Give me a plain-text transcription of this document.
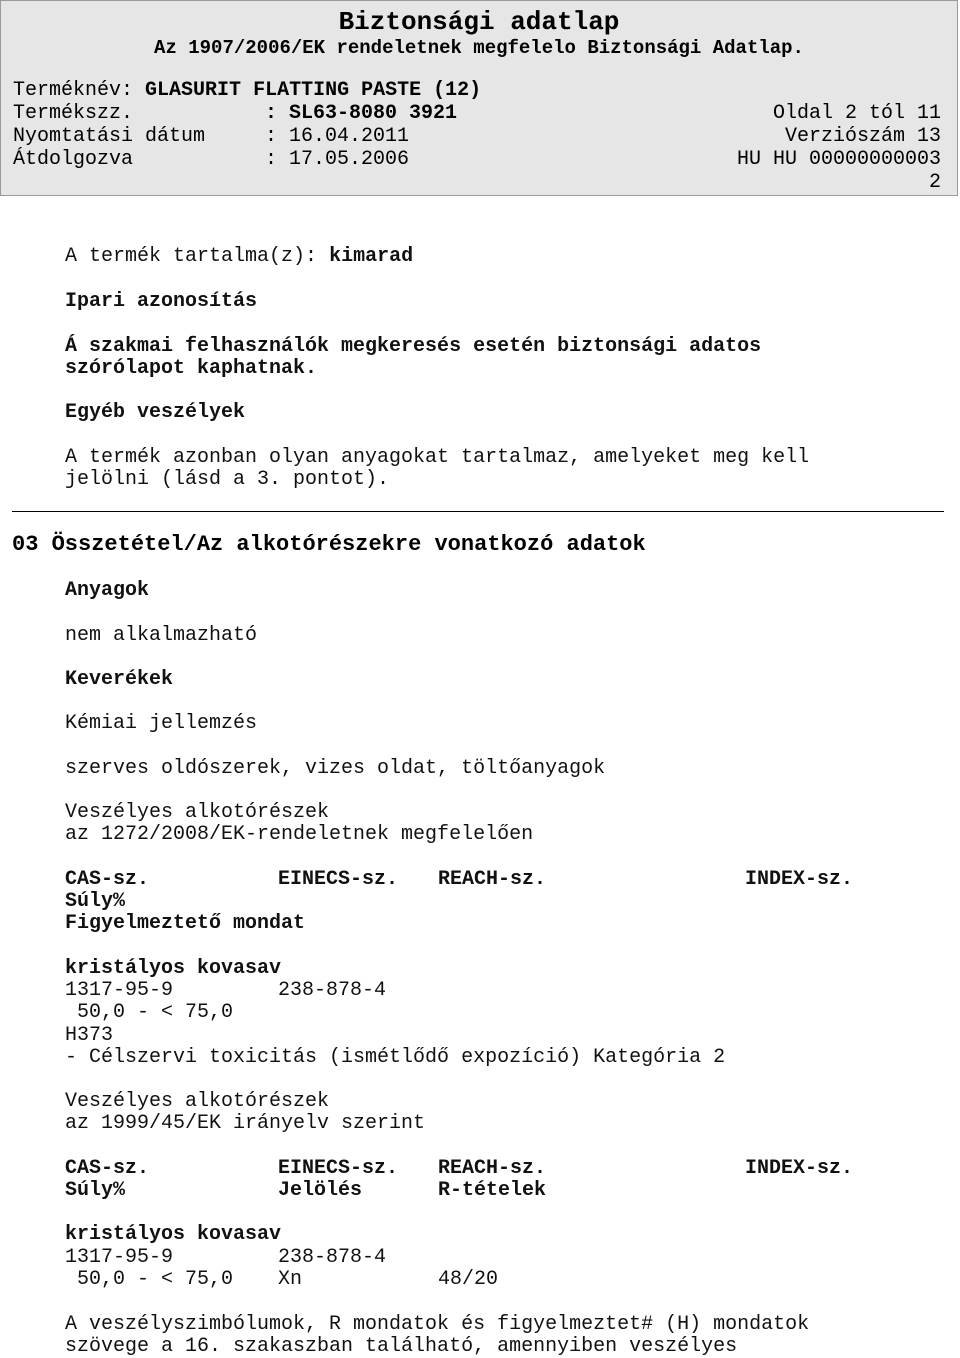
Biztonsági adatlap
Az 1907/2006/EK rendeletnek megfelelo Biztonsági Adatlap.
Terméknév: GLASURIT FLATTING PASTE (12)
Termékszz.	: SL63-8080 3921	Oldal 2 tól 11
Nyomtatási dátum	: 16.04.2011	Verziószám 13
Átdolgozva	: 17.05.2006	HU HU 00000000003
2
A termék tartalma(z): kimarad
Ipari azonosítás
Á szakmai felhasználók megkeresés esetén biztonsági adatos
szórólapot kaphatnak.
Egyéb veszélyek
A termék azonban olyan anyagokat tartalmaz, amelyeket meg kell
jelölni (lásd a 3. pontot).
03 Összetétel/Az alkotórészekre vonatkozó adatok
Anyagok
nem alkalmazható
Keverékek
Kémiai jellemzés
szerves oldószerek, vizes oldat, töltőanyagok
Veszélyes alkotórészek
az 1272/2008/EK-rendeletnek megfelelően
CAS-sz.	EINECS-sz. REACH-sz.	INDEX-sz.
Súly%
Figyelmeztető mondat
kristályos kovasav
1317-95-9	238-878-4
50,0 - < 75,0
H373
- Célszervi toxicitás (ismétlődő expozíció) Kategória 2
Veszélyes alkotórészek
az 1999/45/EK irányelv szerint
CAS-sz.	EINECS-sz. REACH-sz.	INDEX-sz.
Súly%	Jelölés	R-tételek
kristályos kovasav
1317-95-9	238-878-4
50,0 - < 75,0 Xn	48/20
A veszélyszimbólumok, R mondatok és figyelmeztet# (H) mondatok
szövege a 16. szakaszban található, amennyiben veszélyes
